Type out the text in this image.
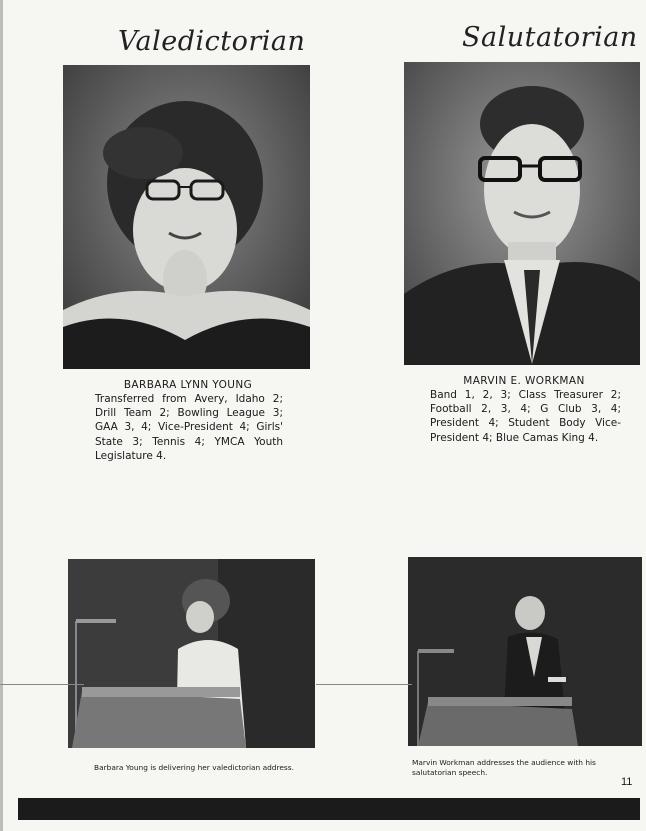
Valedictorian	Salutatorian
BARBARA LYNN YOUNG
Transferred from Avery, Idaho 2; Drill Team 2; Bowling League 3; GAA 3, 4; Vice-President 4; Girls' State 3; Tennis 4; YMCA Youth Legislature 4.
MARVIN E. WORKMAN
Band 1, 2, 3; Class Treasurer 2; Football 2, 3, 4; G Club 3, 4; President 4; Student Body Vice-President 4; Blue Camas King 4.
Barbara Young is delivering her valedictorian address.
Marvin Workman addresses the audience with his salutatorian speech.
11
